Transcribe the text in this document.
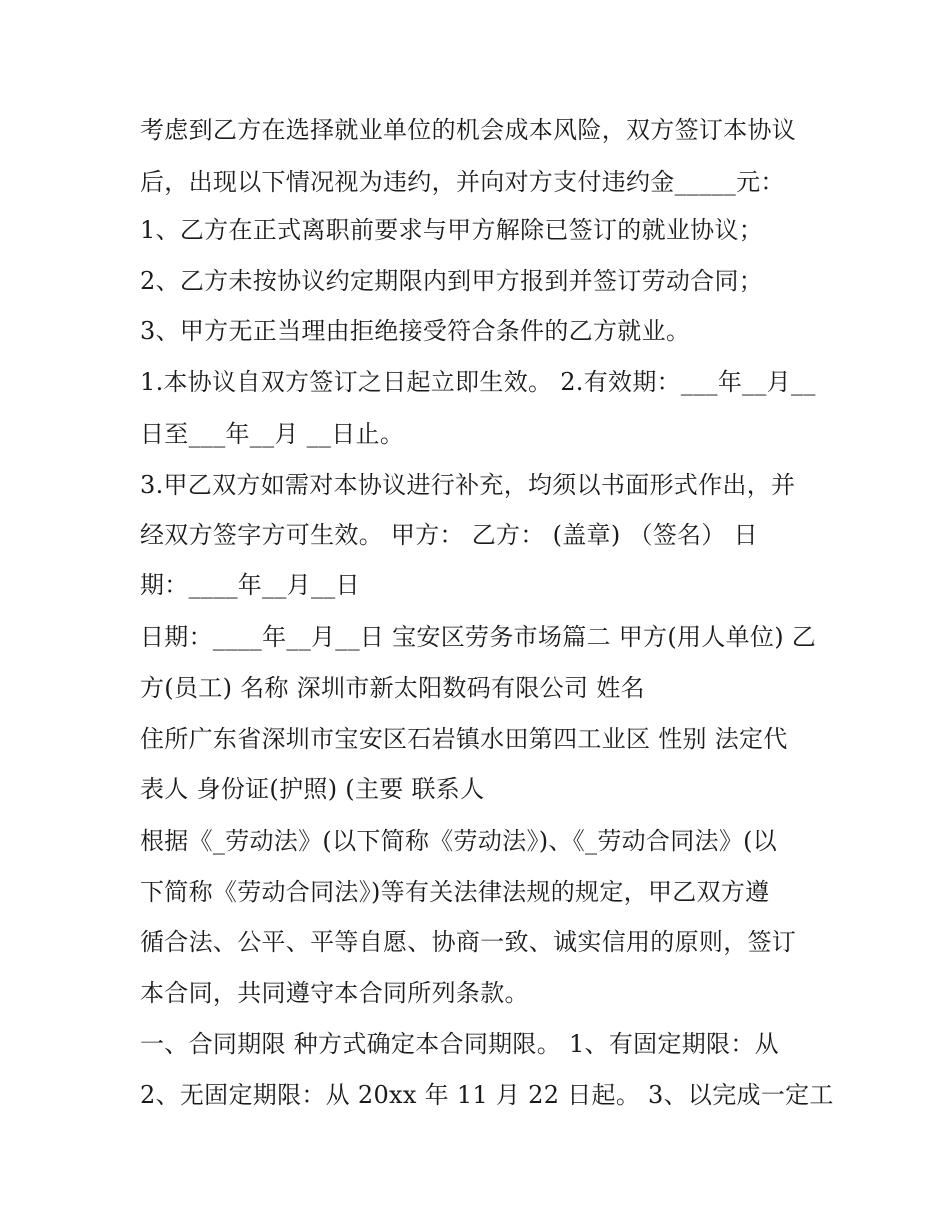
考虑到乙方在选择就业单位的机会成本风险，双方签订本协议
后，出现以下情况视为违约，并向对方支付违约金_____元：
1、乙方在正式离职前要求与甲方解除已签订的就业协议；
2、乙方未按协议约定期限内到甲方报到并签订劳动合同；
3、甲方无正当理由拒绝接受符合条件的乙方就业。
1.本协议自双方签订之日起立即生效。 2.有效期：___年__月__
日至___年__月 __日止。
3.甲乙双方如需对本协议进行补充，均须以书面形式作出，并
经双方签字方可生效。 甲方： 乙方： (盖章) （签名） 日
期：____年__月__日
日期：____年__月__日 宝安区劳务市场篇二 甲方(用人单位) 乙
方(员工) 名称 深圳市新太阳数码有限公司 姓名
住所广东省深圳市宝安区石岩镇水田第四工业区 性别 法定代
表人 身份证(护照) (主要 联系人
根据《_劳动法》(以下简称《劳动法》)、《_劳动合同法》(以
下简称《劳动合同法》)等有关法律法规的规定，甲乙双方遵
循合法、公平、平等自愿、协商一致、诚实信用的原则，签订
本合同，共同遵守本合同所列条款。
一、合同期限 种方式确定本合同期限。 1、有固定期限：从
2、无固定期限：从 20xx 年 11 月 22 日起。 3、以完成一定工
